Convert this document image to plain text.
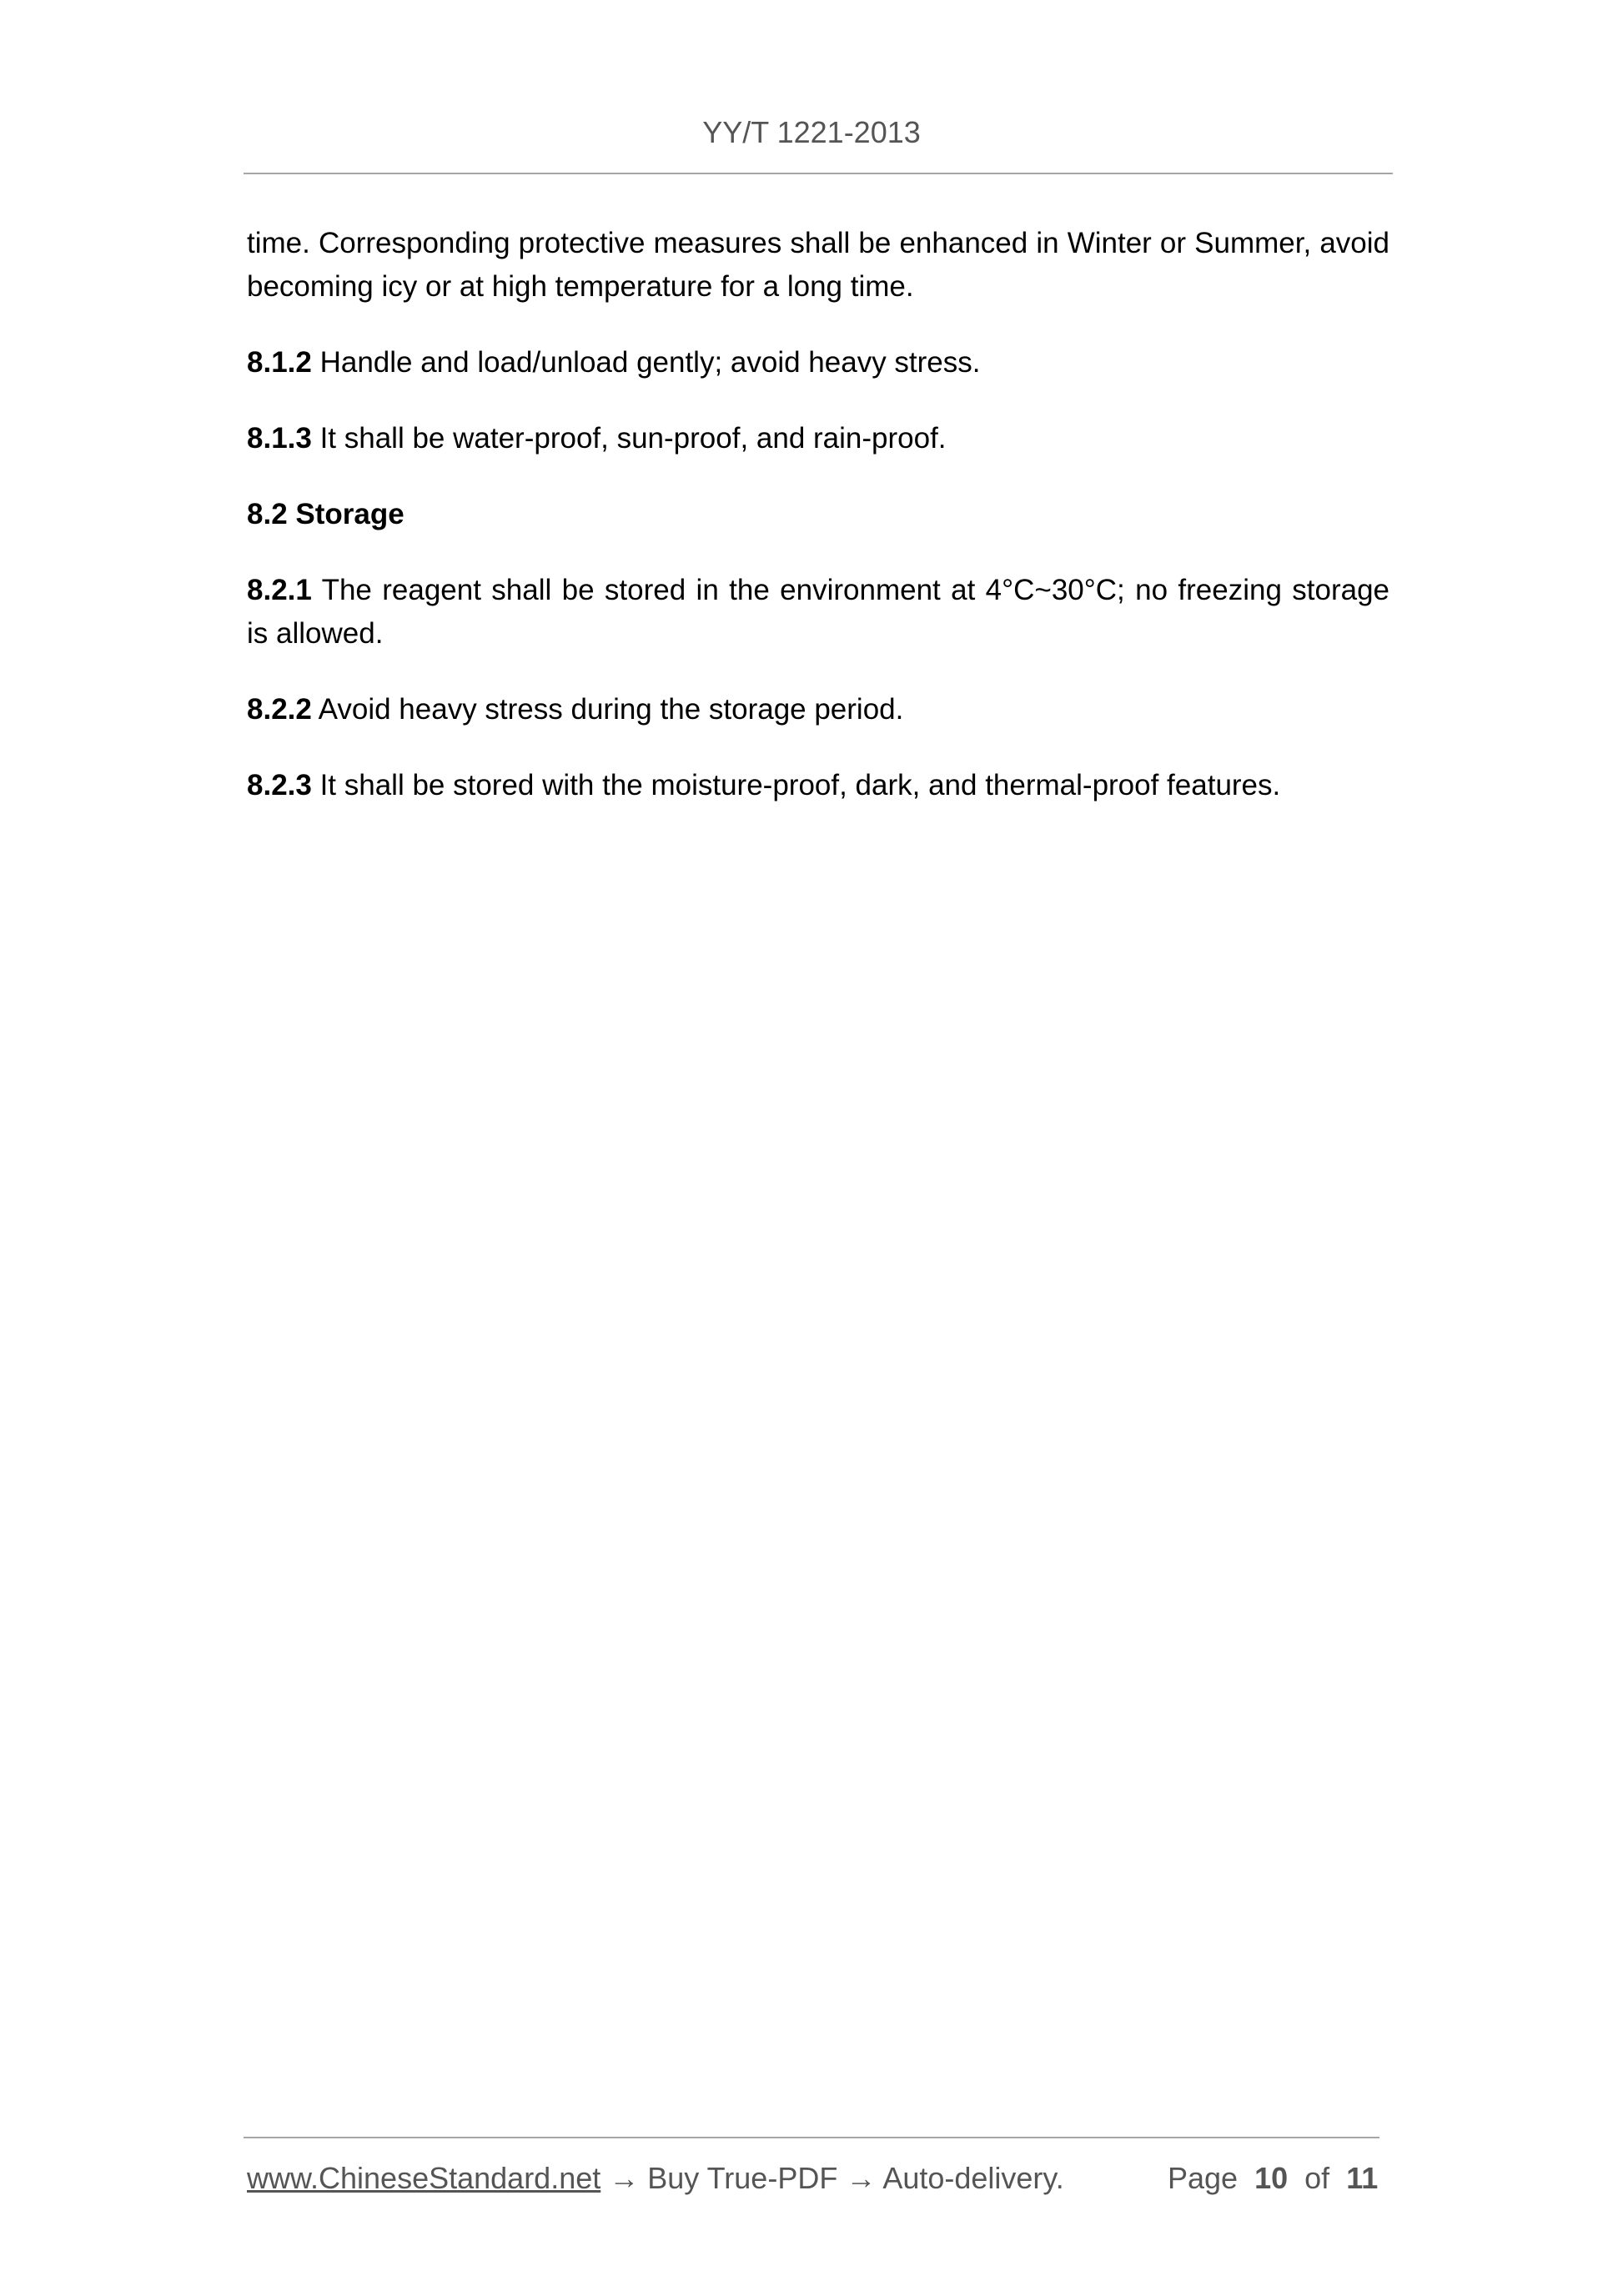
YY/T 1221-2013

time. Corresponding protective measures shall be enhanced in Winter or Summer, avoid becoming icy or at high temperature for a long time.

8.1.2 Handle and load/unload gently; avoid heavy stress.

8.1.3 It shall be water-proof, sun-proof, and rain-proof.

8.2 Storage

8.2.1 The reagent shall be stored in the environment at 4°C~30°C; no freezing storage is allowed.

8.2.2 Avoid heavy stress during the storage period.

8.2.3 It shall be stored with the moisture-proof, dark, and thermal-proof features.

www.ChineseStandard.net → Buy True-PDF → Auto-delivery.	Page 10 of 11
